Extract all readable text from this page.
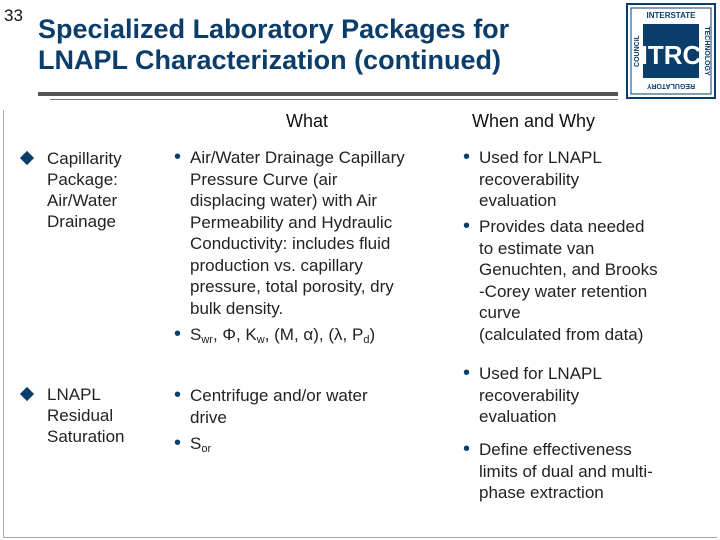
33 Specialized Laboratory Packages for
LNAPL Characterization (continued)
INTERSTATE
REGULATORY
COUNCIL	TECHNOLOGY
ITRC
What	When and Why
Capillarity
Package:
Air/Water
Drainage
• Air/Water Drainage Capillary
Pressure Curve (air
displacing water) with Air
Permeability and Hydraulic
Conductivity: includes fluid
production vs. capillary
pressure, total porosity, dry
bulk density.
• $S_{wr}$, Φ, $K_w$, (M, α), (λ, $P_d$)
• Used for LNAPL
recoverability
evaluation
• Provides data needed
to estimate van
Genuchten, and Brooks
-Corey water retention
curve
(calculated from data)
LNAPL
Residual
Saturation
• Centrifuge and/or water
drive
• $S_{or}$
• Used for LNAPL
recoverability
evaluation
• Define effectiveness
limits of dual and multi-
phase extraction
